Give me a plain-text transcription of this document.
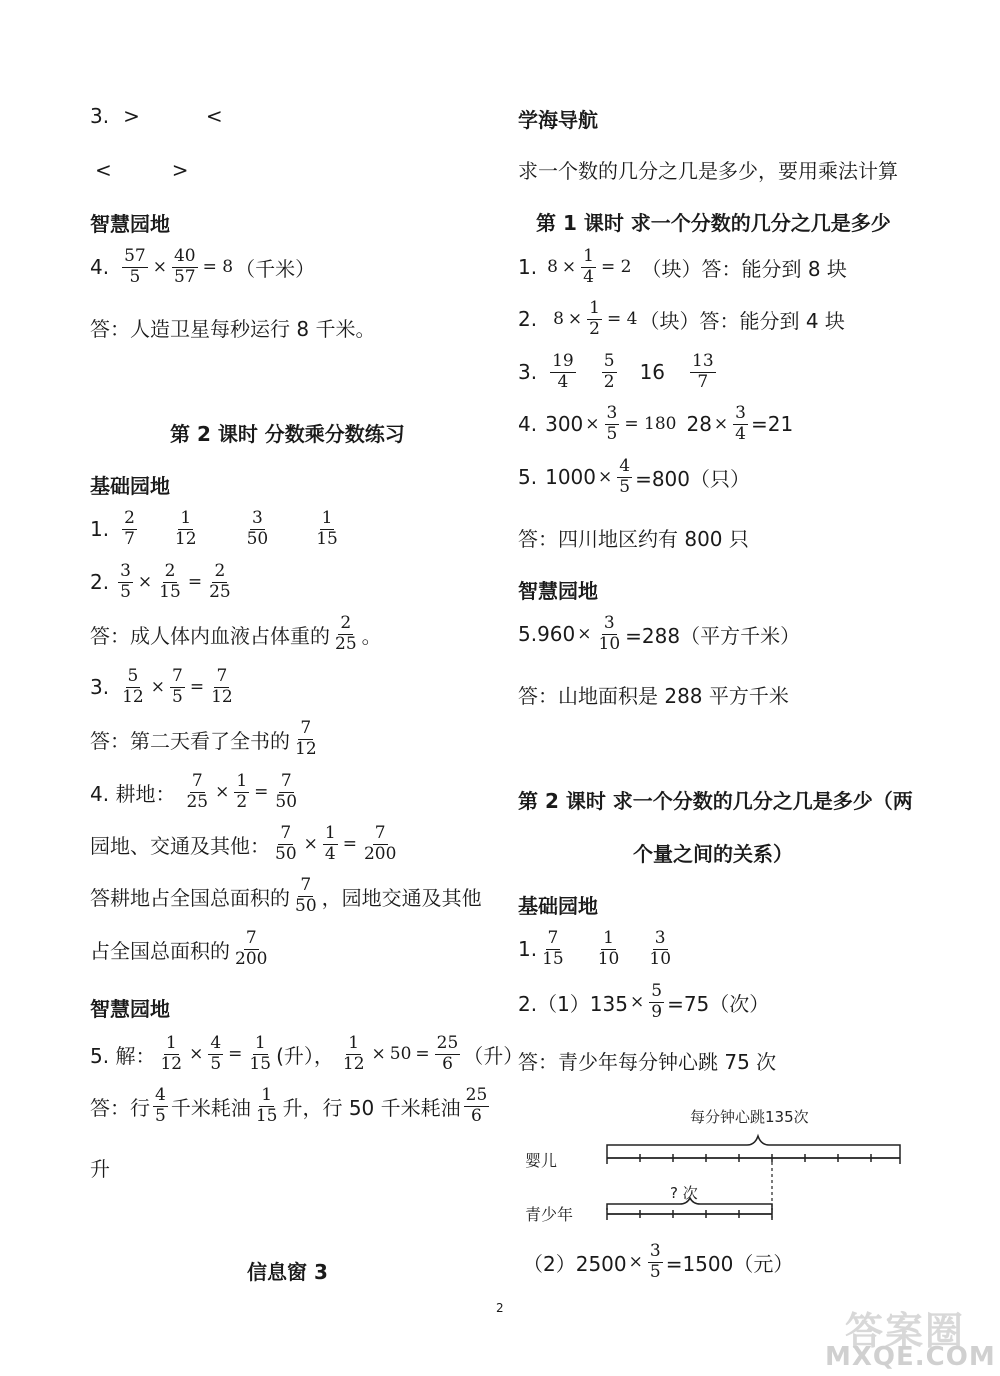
3. >	<
<	>
智慧园地
4. $\frac{57}{5} \times \frac{40}{57} = 8$ （千米）
答：人造卫星每秒运行 8 千米。
第 2 课时 分数乘分数练习
基础园地
1. $\frac{2}{7} \frac{1}{12}$	$\frac{3}{50}$	$\frac{1}{15}$
2. $\frac{3}{5} \times \frac{2}{15} = \frac{2}{25}$
答：成人体内血液占体重的 $\frac{2}{25}$ 。
3. $\frac{5}{12} \times \frac{7}{5} = \frac{7}{12}$
答：第二天看了全书的 $\frac{7}{12}$
4. 耕地： $\frac{7}{25} \times \frac{1}{2} = \frac{7}{50}$
园地、交通及其他： $\frac{7}{50} \times \frac{1}{4} = \frac{7}{200}$
答耕地占全国总面积的 $\frac{7}{50}$ ，园地交通及其他
占全国总面积的 $\frac{7}{200}$
智慧园地
5. 解： $\frac{1}{12} \times \frac{4}{5} = \frac{1}{15}$ (升）， $\frac{1}{12} \times 50 = \frac{25}{6}$ （升）
答：行 $\frac{4}{5}$ 千米耗油 $\frac{1}{15}$ 升，行 50 千米耗油 $\frac{25}{6}$
升
信息窗 3
学海导航
求一个数的几分之几是多少，要用乘法计算
第 1 课时 求一个分数的几分之几是多少
1. $8 \times \frac{1}{4} = 2$ （块）答：能分到 8 块
2. $8 \times \frac{1}{2} = 4$ （块）答：能分到 4 块
3. $\frac{19}{4} \frac{5}{2} 16 \frac{13}{7}$
4. $300 \times \frac{3}{5} = 180$ $28 \times \frac{3}{4} =21$
5. $1000 \times \frac{4}{5} =800$（只）
答：四川地区约有 800 只
智慧园地
$5.960 \times \frac{3}{10} =288$（平方千米）
答：山地面积是 288 平方千米
第 2 课时 求一个分数的几分之几是多少（两
个量之间的关系）
基础园地
1. $\frac{7}{15} \frac{1}{10} \frac{3}{10}$
$2.(1)135 \times \frac{5}{9} =75$（次）
答：青少年每分钟心跳 75 次
每分钟心跳135次
婴儿
青少年
? 次
$(2)2500 \times \frac{3}{5} =1500$（元）
2
答案圈
MXQE.COM
